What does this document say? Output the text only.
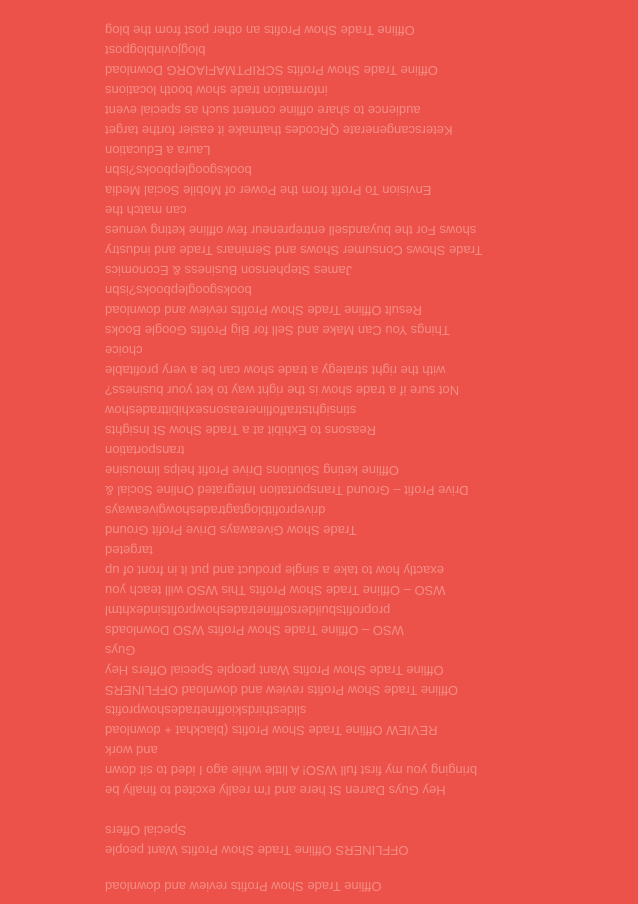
Offline Trade Show Profits review and download
OFFLINERS Offline Trade Show Profits Want people
Special Offers
Hey Guys Darren St here and I'm really excited to finally be
bringing you my first full WSO! A little while ago I ided to sit down
and work
REVIEW Offline Trade Show Profits (blackhat + download
slidesthirdskioffinetradeshowprofits
Offline Trade Show Profits review and download OFFLINERS
Offline Trade Show Profits Want people Special Offers Hey
Guys
WSO – Offline Trade Show Profits WSO Downloads
proprofitsbuildersofflinetradeshowprofitsindexhtml
WSO – Offline Trade Show Profits This WSO will teach you
exactly how to take a single product and put it in front of up
targeted
Trade Show Giveaways Drive Profit Ground
driveprofitblogtagtradeshowgiveaways
Drive Profit – Ground Transportation Integrated Online Social &
Offline keting Solutions Drive Profit helps limousine
transportation
Reasons to Exhibit at a Trade Show St Insights
stinsightstraffoflinereasonsexhibittradeshow
Not sure if a trade show is the right way to ket your business?
with the right strategy a trade show can be a very profitable
choice
Things You Can Make and Sell for Big Profits Google Books
Result Offline Trade Show Profits review and download
booksgooglepbooks?isbn
James Stephenson Business & Economics
Trade Shows Consumer Shows and Seminars Trade and industry
shows For the buyandsell entrepreneur few offline keting venues
can match the
Envision To Profit from the Power of Mobile Social Media
booksgooglepbooks?isbn
Laura a Education
Keterscangenerate QRcodes thatmake it easier forthe target
audience to share offline content such as special event
information trade show booth locations
Offline Trade Show Profits SCRIPTMAFIAORG Download
blogjovinblogpost
Offline Trade Show Profits an other post from the blog
